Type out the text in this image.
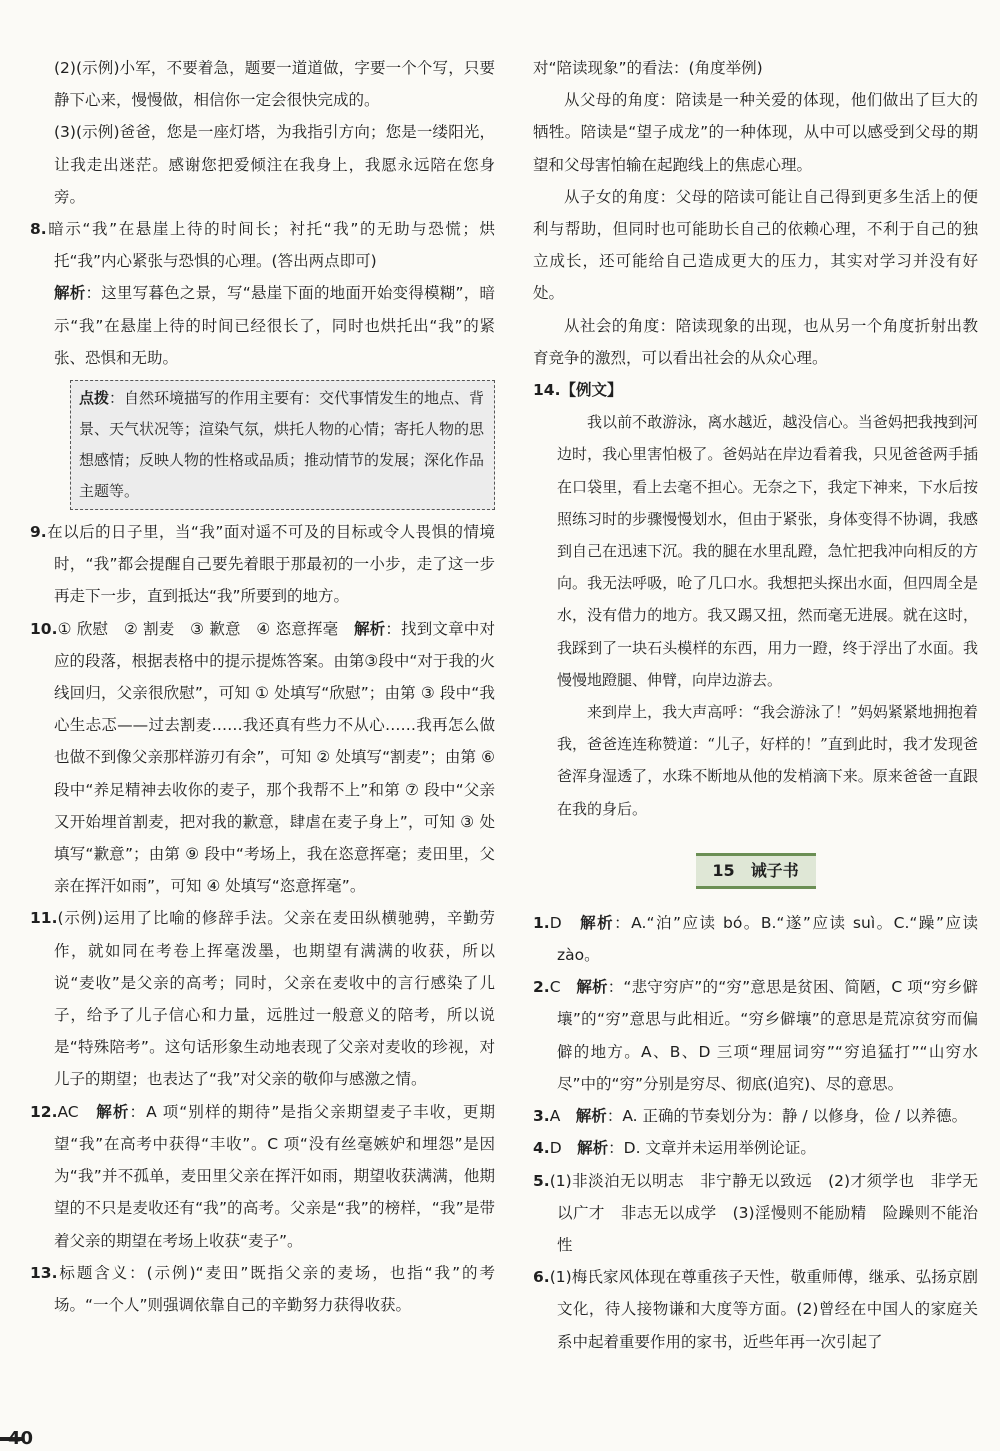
(2)(示例)小军，不要着急，题要一道道做，字要一个个写，只要静下心来，慢慢做，相信你一定会很快完成的。

(3)(示例)爸爸，您是一座灯塔，为我指引方向；您是一缕阳光，让我走出迷茫。感谢您把爱倾注在我身上，我愿永远陪在您身旁。

8.暗示“我”在悬崖上待的时间长；衬托“我”的无助与恐慌；烘托“我”内心紧张与恐惧的心理。(答出两点即可)

解析：这里写暮色之景，写“悬崖下面的地面开始变得模糊”，暗示“我”在悬崖上待的时间已经很长了，同时也烘托出“我”的紧张、恐惧和无助。

点拨：自然环境描写的作用主要有：交代事情发生的地点、背景、天气状况等；渲染气氛，烘托人物的心情；寄托人物的思想感情；反映人物的性格或品质；推动情节的发展；深化作品主题等。

9.在以后的日子里，当“我”面对遥不可及的目标或令人畏惧的情境时，“我”都会提醒自己要先着眼于那最初的一小步，走了这一步再走下一步，直到抵达“我”所要到的地方。

10.① 欣慰　② 割麦　③ 歉意　④ 恣意挥毫　解析：找到文章中对应的段落，根据表格中的提示提炼答案。由第③段中“对于我的火线回归，父亲很欣慰”，可知 ① 处填写“欣慰”；由第 ③ 段中“我心生忐忑——过去割麦……我还真有些力不从心……我再怎么做也做不到像父亲那样游刃有余”，可知 ② 处填写“割麦”；由第 ⑥ 段中“养足精神去收你的麦子，那个我帮不上”和第 ⑦ 段中“父亲又开始埋首割麦，把对我的歉意，肆虐在麦子身上”，可知 ③ 处填写“歉意”；由第 ⑨ 段中“考场上，我在恣意挥毫；麦田里，父亲在挥汗如雨”，可知 ④ 处填写“恣意挥毫”。

11.(示例)运用了比喻的修辞手法。父亲在麦田纵横驰骋，辛勤劳作，就如同在考卷上挥毫泼墨，也期望有满满的收获，所以说“麦收”是父亲的高考；同时，父亲在麦收中的言行感染了儿子，给予了儿子信心和力量，远胜过一般意义的陪考，所以说是“特殊陪考”。这句话形象生动地表现了父亲对麦收的珍视，对儿子的期望；也表达了“我”对父亲的敬仰与感激之情。

12.AC　解析：A 项“别样的期待”是指父亲期望麦子丰收，更期望“我”在高考中获得“丰收”。C 项“没有丝毫嫉妒和埋怨”是因为“我”并不孤单，麦田里父亲在挥汗如雨，期望收获满满，他期望的不只是麦收还有“我”的高考。父亲是“我”的榜样，“我”是带着父亲的期望在考场上收获“麦子”。

13.标题含义：(示例)“麦田”既指父亲的麦场，也指“我”的考场。“一个人”则强调依靠自己的辛勤努力获得收获。

对“陪读现象”的看法：(角度举例)

从父母的角度：陪读是一种关爱的体现，他们做出了巨大的牺牲。陪读是“望子成龙”的一种体现，从中可以感受到父母的期望和父母害怕输在起跑线上的焦虑心理。

从子女的角度：父母的陪读可能让自己得到更多生活上的便利与帮助，但同时也可能助长自己的依赖心理，不利于自己的独立成长，还可能给自己造成更大的压力，其实对学习并没有好处。

从社会的角度：陪读现象的出现，也从另一个角度折射出教育竞争的激烈，可以看出社会的从众心理。

14.【例文】

我以前不敢游泳，离水越近，越没信心。当爸妈把我拽到河边时，我心里害怕极了。爸妈站在岸边看着我，只见爸爸两手插在口袋里，看上去毫不担心。无奈之下，我定下神来，下水后按照练习时的步骤慢慢划水，但由于紧张，身体变得不协调，我感到自己在迅速下沉。我的腿在水里乱蹬，急忙把我冲向相反的方向。我无法呼吸，呛了几口水。我想把头探出水面，但四周全是水，没有借力的地方。我又踢又扭，然而毫无进展。就在这时，我踩到了一块石头模样的东西，用力一蹬，终于浮出了水面。我慢慢地蹬腿、伸臂，向岸边游去。

来到岸上，我大声高呼：“我会游泳了！”妈妈紧紧地拥抱着我，爸爸连连称赞道：“儿子，好样的！”直到此时，我才发现爸爸浑身湿透了，水珠不断地从他的发梢滴下来。原来爸爸一直跟在我的身后。

15　 诫子书

1.D　解析：A.“泊”应读 bó。B.“遂”应读 suì。C.“躁”应读 zào。

2.C　解析：“悲守穷庐”的“穷”意思是贫困、简陋，C 项“穷乡僻壤”的“穷”意思与此相近。“穷乡僻壤”的意思是荒凉贫穷而偏僻的地方。A、B、D 三项“理屈词穷”“穷追猛打”“山穷水尽”中的“穷”分别是穷尽、彻底(追究)、尽的意思。

3.A　解析：A. 正确的节奏划分为：静 / 以修身，俭 / 以养德。

4.D　解析：D. 文章并未运用举例论证。

5.(1)非淡泊无以明志　非宁静无以致远　(2)才须学也　非学无以广才　非志无以成学　(3)淫慢则不能励精　险躁则不能治性

6.(1)梅氏家风体现在尊重孩子天性，敬重师傅，继承、弘扬京剧文化，待人接物谦和大度等方面。(2)曾经在中国人的家庭关系中起着重要作用的家书，近些年再一次引起了

40
